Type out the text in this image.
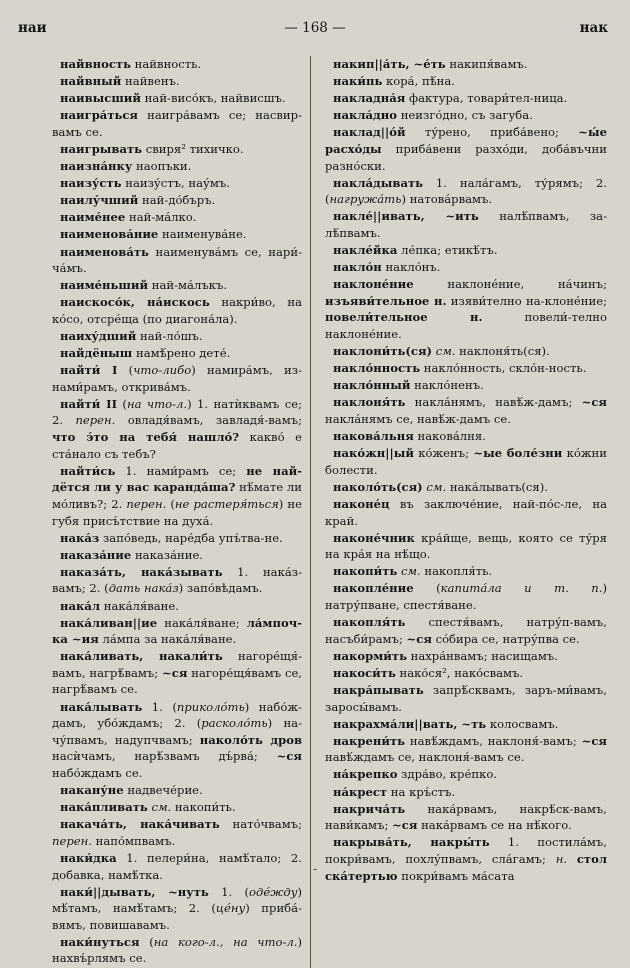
наи	— 168 —	нак

найвность найвность.

найвный найвенъ.

наивысший най-висо́къ, найвисшъ.

наигра́ться наигра́вамъ се; насвир-вамъ се.

наигрывать свиря² тихичко.

наизна́нку наопъки.

наизу́сть наизу́стъ, нау́мъ.

наилу́чший най-до́бъръ.

наиме́нее най-ма́лко.

наименова́ние наименува́не.

наименова́ть наименува́мъ се, нари́-ча́мъ.

наиме́ньший най-ма́лъкъ.

наискосо́к, на́искось накри́во, на ко́со, отсре́ща (по диагона́ла).

наиху́дший най-ло́шъ.

найдёныш намѣ́рено дете́.

найти́ I (что-либо) намира́мъ, из-нами́рамъ, открива́мъ.

найти́ II (на что-л.) 1. натѝквамъ се; 2. перен. овладя́вамъ, завладя́-вамъ; что э́то на тебя́ нашло́? какво́ е ста́нало съ тебъ?

найти́сь 1. нами́рамъ се; не най-дётся ли у вас каранда́ша? нѣ́мате ли мо́ливъ?; 2. перен. (не растеря́ться) не губя присъ́тствие на духа́.

нака́з запо́ведь, наре́дба упъ́тва-не.

наказа́ние наказа́ние.

наказа́ть, нака́зывать 1. нака́з-вамъ; 2. (дать нака́з) запо́вѣдамъ.

нака́л нака́ля́ване.

нака́ливан||ие нака́ля́ване; ла́мпоч-ка ~ия ла́мпа за нака́ля́ване.

нака́ливать, накали́ть нагоре́щя́-вамъ, нагрѣ́вамъ; ~ся нагоре́щя́вамъ се, нагрѣ́вамъ се.

нака́лывать 1. (приколо́ть) набо́ж-дамъ, убо́ждамъ; 2. (расколо́ть) на-чу́пвамъ, надупчвамъ; наколо́ть дров насѝчамъ, нарѣ́звамъ дъ́рва́; ~ся набо́ждамъ се.

накану́не надвече́рие.

нака́пливать см. накопи́ть.

накача́ть, нака́чивать нато́чвамъ; перен. напо́мпвамъ.

наки́дка 1. пелери́на, намѣ́тало; 2. добавка, намѣ́тка.

наки́||дывать, ~нуть 1. (оде́жду) мѣ́тамъ, намѣ́тамъ; 2. (це́ну) приба́-вямъ, повишавамъ.

наки́нуться (на кого-л., на что-л.) нахвъ́рлямъ се.

накип||а́ть, ~е́ть накипя́вамъ.

наки́пь кора́, пѣ́на.

накладна́я фактура, товари́тел-ница.

накла́дно неизго́дно, съ загуба.

наклад||о́й ту́рено, приба́вено; ~ы́е расхо́ды приба́вени разхо́ди, доба́въчни разно́ски.

накла́дывать 1. нала́гамъ, ту́рямъ; 2. (нагружа́ть) натова́рвамъ.

накле́||ивать, ~ить налѣ́пвамъ, за-лѣ́пвамъ.

накле́йка ле́пка; етикѣ́тъ.

накло́н накло́нъ.

наклоне́ние наклоне́ние, на́чинъ; изъяви́тельное н. изяви́телно на-клоне́ние; повели́тельное н. повели́-телно наклоне́ние.

наклони́ть(ся) см. наклоня́ть(ся).

накло́нность накло́нность, скло́н-ность.

накло́нный накло́ненъ.

наклоня́ть накла́нямъ, навѣ́ж-дамъ; ~ся накла́нямъ се, навѣ́ж-дамъ се.

накова́льня накова́лня.

нако́жн||ый ко́женъ; ~ые боле́зни ко́жни болести.

наколо́ть(ся) см. нака́лывать(ся).

наконе́ц въ заключе́ние, най-по́с-ле, на край.

наконе́чник кра́йще, вещь, която се ту́ря на кра́я на нѣ́що.

накопи́ть см. накопля́ть.

накопле́ние (капита́ла и т. п.) натру́пване, спестя́ване.

накопля́ть спестя́вамъ, натру́п-вамъ, насъби́рамъ; ~ся со́бира се, натру́пва се.

накорми́ть нахра́нвамъ; насищамъ.

накоси́ть нако́ся², нако́свамъ.

накра́пывать запрѣ́сквамъ, заръ-ми́вамъ, заросы́вамъ.

накрахма́ли||вать, ~ть колосвамъ.

накрени́ть навѣ́ждамъ, наклоня́-вамъ; ~ся навѣ́ждамъ се, наклоня́-вамъ се.

на́крепко здра́во, кре́пко.

на́крест на кръ́стъ.

накрича́ть нака́рвамъ, накрѣ́ск-вамъ, нави́камъ; ~ся нака́рвамъ се на нѣ́кого.

накрыва́ть, накры́ть 1. постила́мъ, покри́вамъ, похлу́пвамъ, сла́гамъ; н. стол ска́тертью покри́вамъ ма́сата

-
